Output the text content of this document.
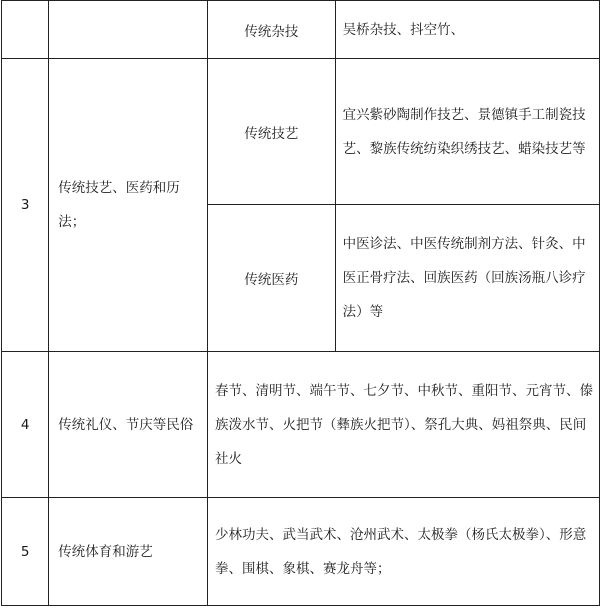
		传统杂技	吴桥杂技、抖空竹、

3	传统技艺、医药和历法；	传统技艺	宜兴紫砂陶制作技艺、景德镇手工制瓷技艺、黎族传统纺染织绣技艺、蜡染技艺等

		传统医药	中医诊法、中医传统制剂方法、针灸、中医正骨疗法、回族医药（回族汤瓶八诊疗法）等

4	传统礼仪、节庆等民俗	春节、清明节、端午节、七夕节、中秋节、重阳节、元宵节、傣族泼水节、火把节（彝族火把节）、祭孔大典、妈祖祭典、民间社火	

5	传统体育和游艺	少林功夫、武当武术、沧州武术、太极拳（杨氏太极拳）、形意拳、围棋、象棋、赛龙舟等；	
